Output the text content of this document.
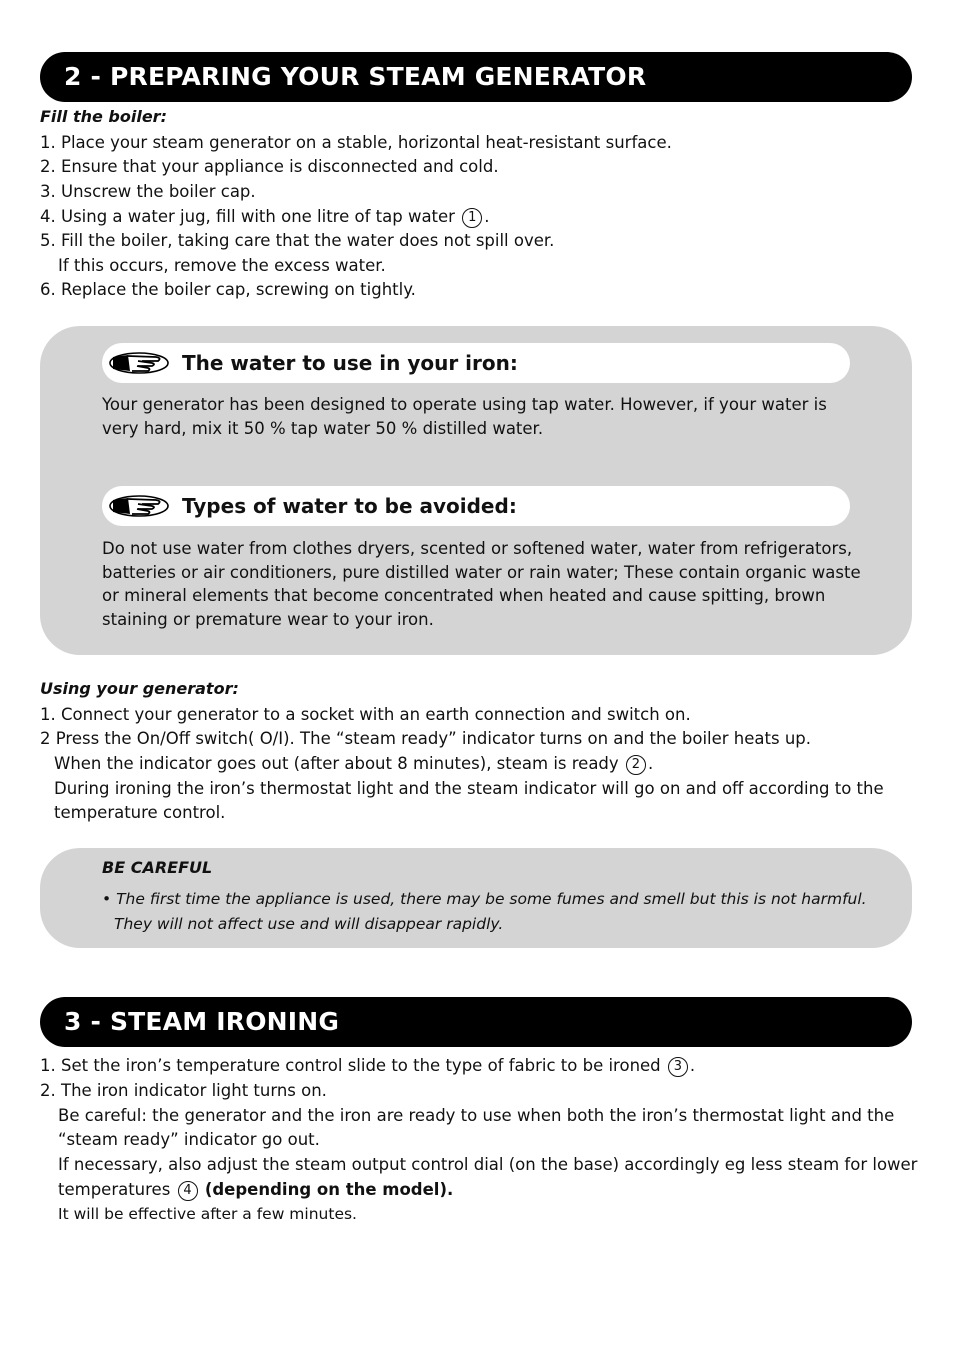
2 - PREPARING YOUR STEAM GENERATOR
Fill the boiler:
1. Place your steam generator on a stable, horizontal heat-resistant surface.
2. Ensure that your appliance is disconnected and cold.
3. Unscrew the boiler cap.
4. Using a water jug, fill with one litre of tap water 1 .
5. Fill the boiler, taking care that the water does not spill over.
If this occurs, remove the excess water.
6. Replace the boiler cap, screwing on tightly.
The water to use in your iron:
Your generator has been designed to operate using tap water. However, if your water is very hard, mix it 50 % tap water 50 % distilled water.
Types of water to be avoided:
Do not use water from clothes dryers, scented or softened water, water from refrigerators, batteries or air conditioners, pure distilled water or rain water; These contain organic waste or mineral elements that become concentrated when heated and cause spitting, brown staining or premature wear to your iron.
Using your generator:
1. Connect your generator to a socket with an earth connection and switch on.
2 Press the On/Off switch( O/I). The “steam ready” indicator turns on and the boiler heats up.
When the indicator goes out (after about 8 minutes), steam is ready 2 .
During ironing the iron’s thermostat light and the steam indicator will go on and off according to the
temperature control.
BE CAREFUL
• The first time the appliance is used, there may be some fumes and smell but this is not harmful.
They will not affect use and will disappear rapidly.
3 - STEAM IRONING
1. Set the iron’s temperature control slide to the type of fabric to be ironed 3 .
2. The iron indicator light turns on.
Be careful: the generator and the iron are ready to use when both the iron’s thermostat light and the
“steam ready” indicator go out.
If necessary, also adjust the steam output control dial (on the base) accordingly eg less steam for lower
temperatures 4 (depending on the model).
It will be effective after a few minutes.
